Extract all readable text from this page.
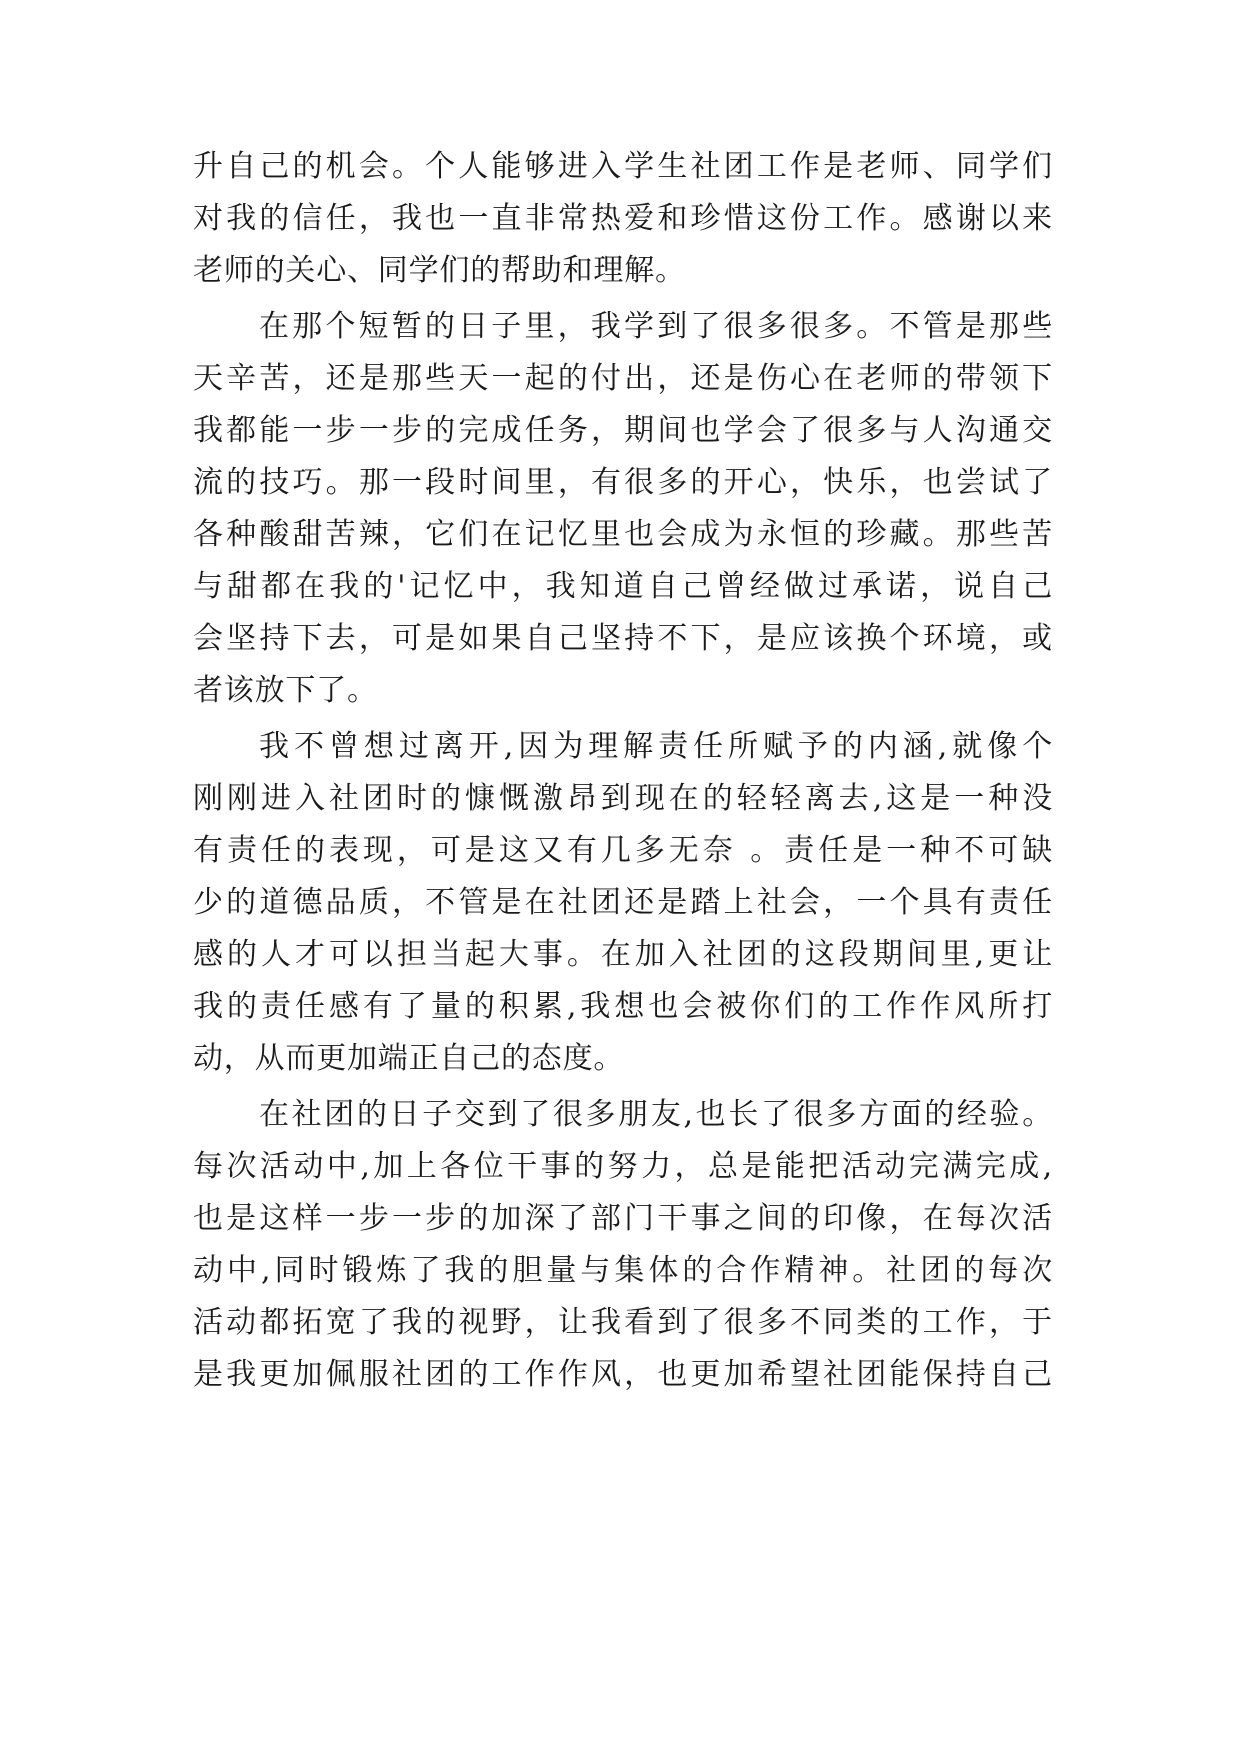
升自己的机会。个人能够进入学生社团工作是老师、同学们
对我的信任，我也一直非常热爱和珍惜这份工作。感谢以来
老师的关心、同学们的帮助和理解。
在那个短暂的日子里，我学到了很多很多。不管是那些
天辛苦，还是那些天一起的付出，还是伤心在老师的带领下
我都能一步一步的完成任务，期间也学会了很多与人沟通交
流的技巧。那一段时间里，有很多的开心，快乐，也尝试了
各种酸甜苦辣，它们在记忆里也会成为永恒的珍藏。那些苦
与甜都在我的'记忆中，我知道自己曾经做过承诺，说自己
会坚持下去，可是如果自己坚持不下，是应该换个环境，或
者该放下了。
我不曾想过离开,因为理解责任所赋予的内涵,就像个
刚刚进入社团时的慷慨激昂到现在的轻轻离去,这是一种没
有责任的表现，可是这又有几多无奈 。责任是一种不可缺
少的道德品质，不管是在社团还是踏上社会，一个具有责任
感的人才可以担当起大事。在加入社团的这段期间里,更让
我的责任感有了量的积累,我想也会被你们的工作作风所打
动，从而更加端正自己的态度。
在社团的日子交到了很多朋友,也长了很多方面的经验。
每次活动中,加上各位干事的努力，总是能把活动完满完成,
也是这样一步一步的加深了部门干事之间的印像，在每次活
动中,同时锻炼了我的胆量与集体的合作精神。社团的每次
活动都拓宽了我的视野，让我看到了很多不同类的工作，于
是我更加佩服社团的工作作风，也更加希望社团能保持自己
